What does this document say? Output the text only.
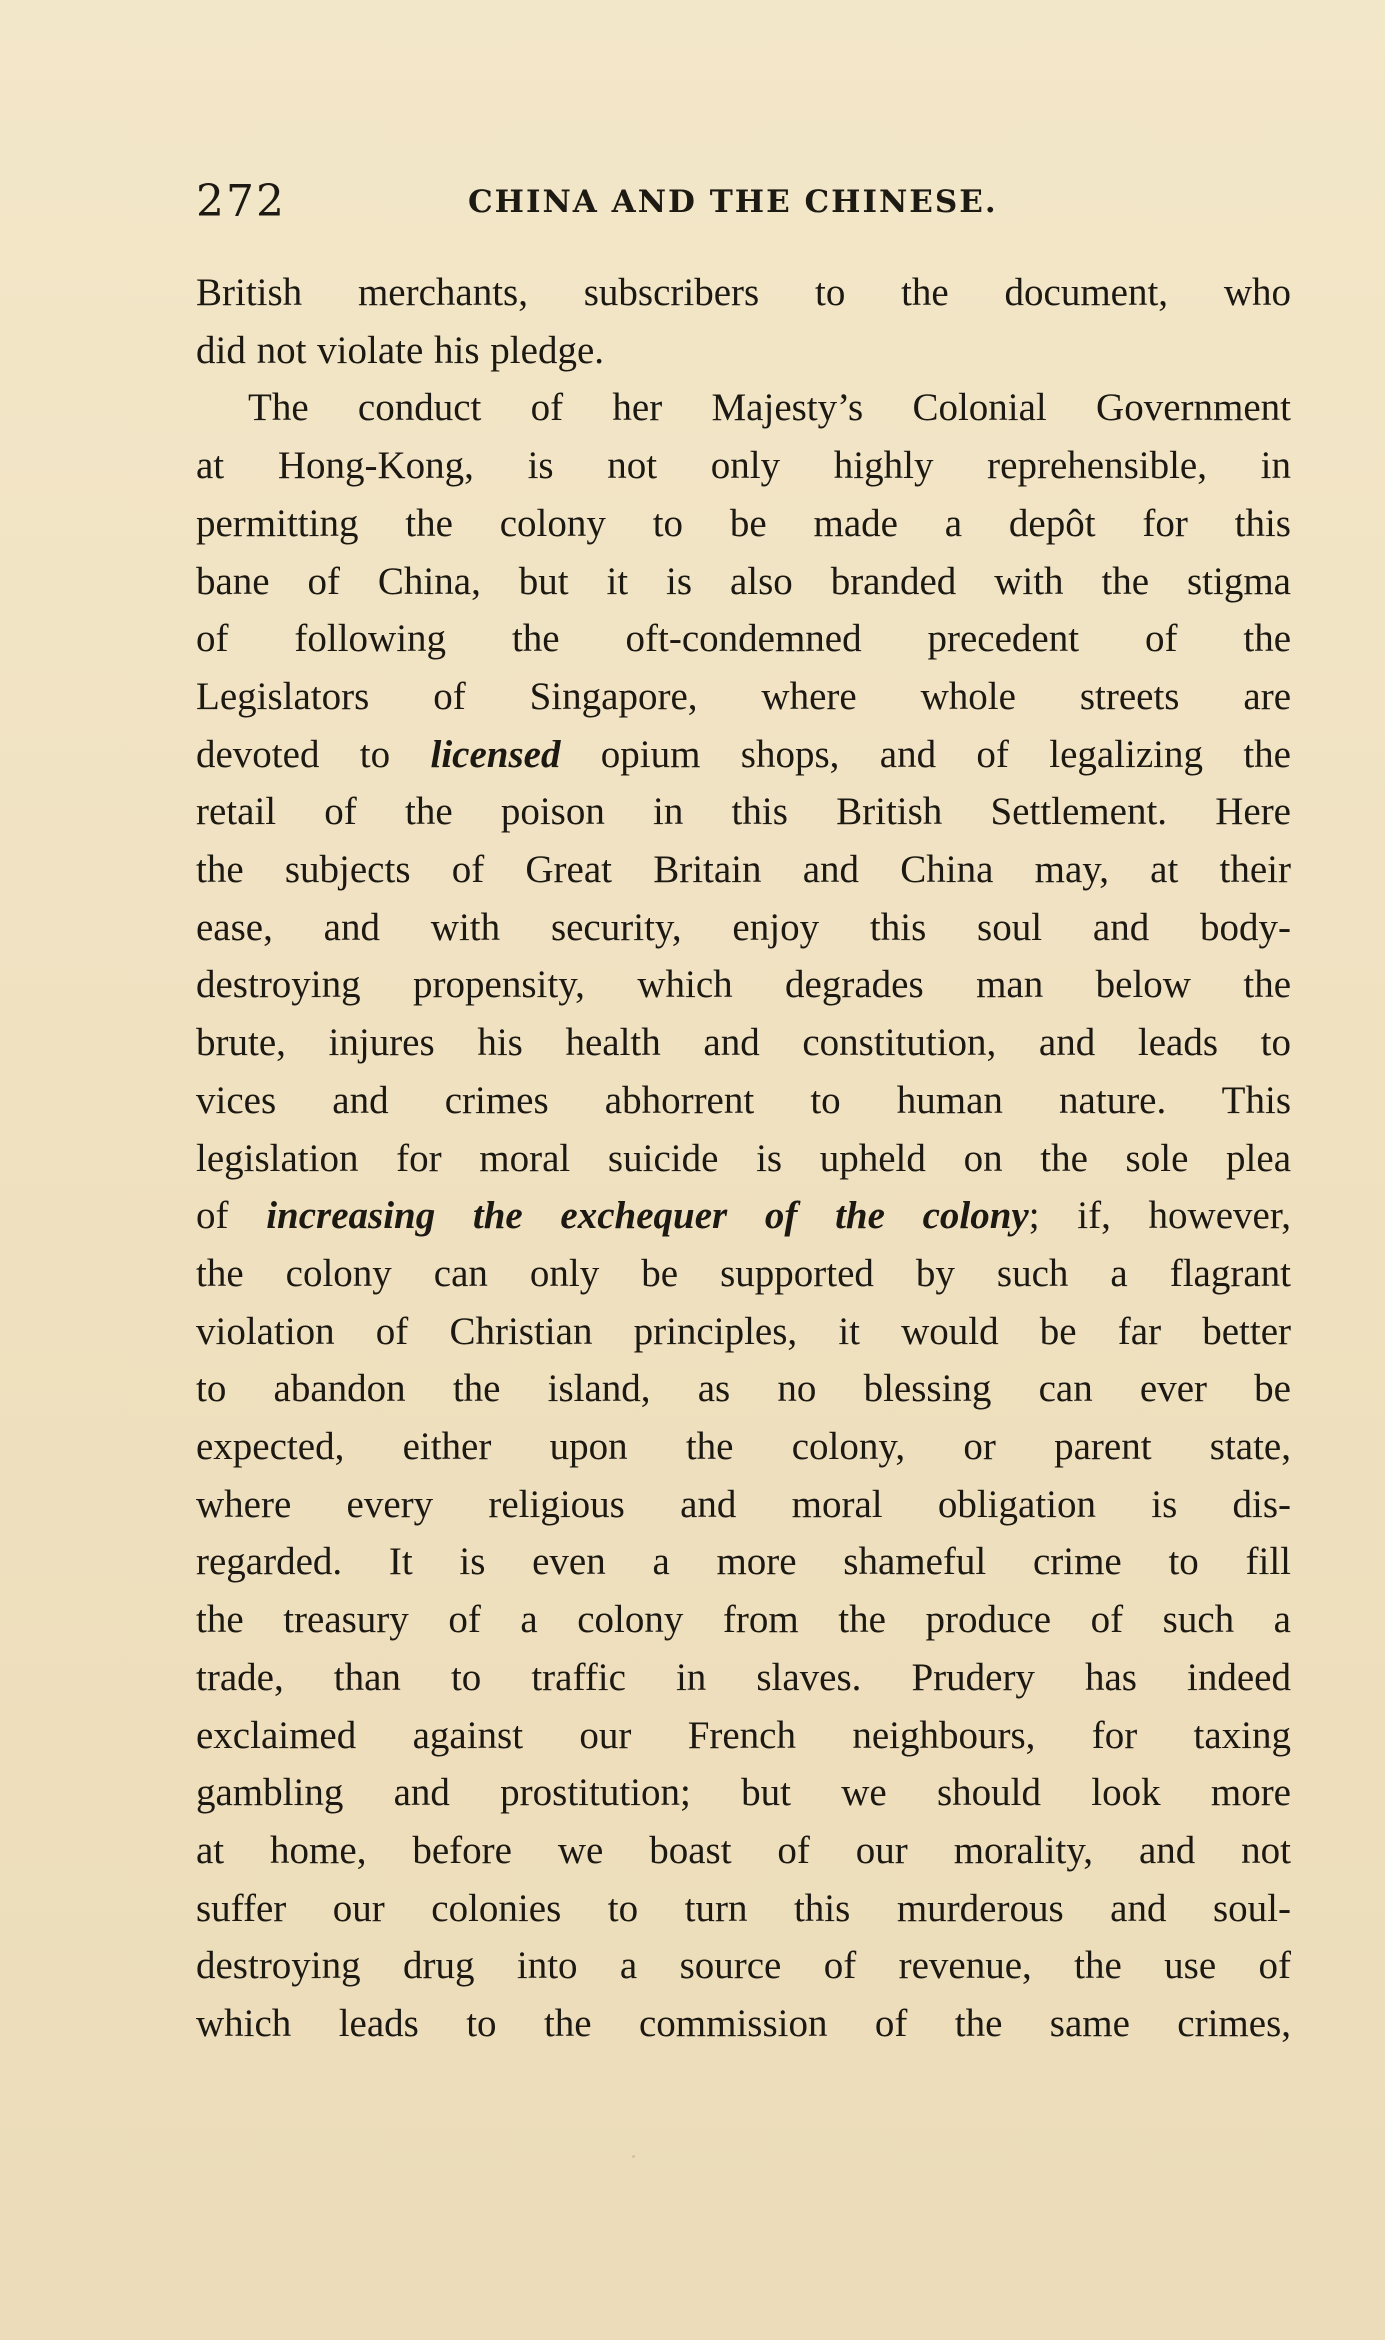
272	CHINA AND THE CHINESE.
British merchants, subscribers to the document, who
did not violate his pledge.
The conduct of her Majesty’s Colonial Government
at Hong-Kong, is not only highly reprehensible, in
permitting the colony to be made a depôt for this
bane of China, but it is also branded with the stigma
of following the oft-condemned precedent of the
Legislators of Singapore, where whole streets are
devoted to licensed opium shops, and of legalizing the
retail of the poison in this British Settlement. Here
the subjects of Great Britain and China may, at their
ease, and with security, enjoy this soul and body-
destroying propensity, which degrades man below the
brute, injures his health and constitution, and leads to
vices and crimes abhorrent to human nature. This
legislation for moral suicide is upheld on the sole plea
of increasing the exchequer of the colony; if, however,
the colony can only be supported by such a flagrant
violation of Christian principles, it would be far better
to abandon the island, as no blessing can ever be
expected, either upon the colony, or parent state,
where every religious and moral obligation is dis-
regarded. It is even a more shameful crime to fill
the treasury of a colony from the produce of such a
trade, than to traffic in slaves. Prudery has indeed
exclaimed against our French neighbours, for taxing
gambling and prostitution; but we should look more
at home, before we boast of our morality, and not
suffer our colonies to turn this murderous and soul-
destroying drug into a source of revenue, the use of
which leads to the commission of the same crimes,
